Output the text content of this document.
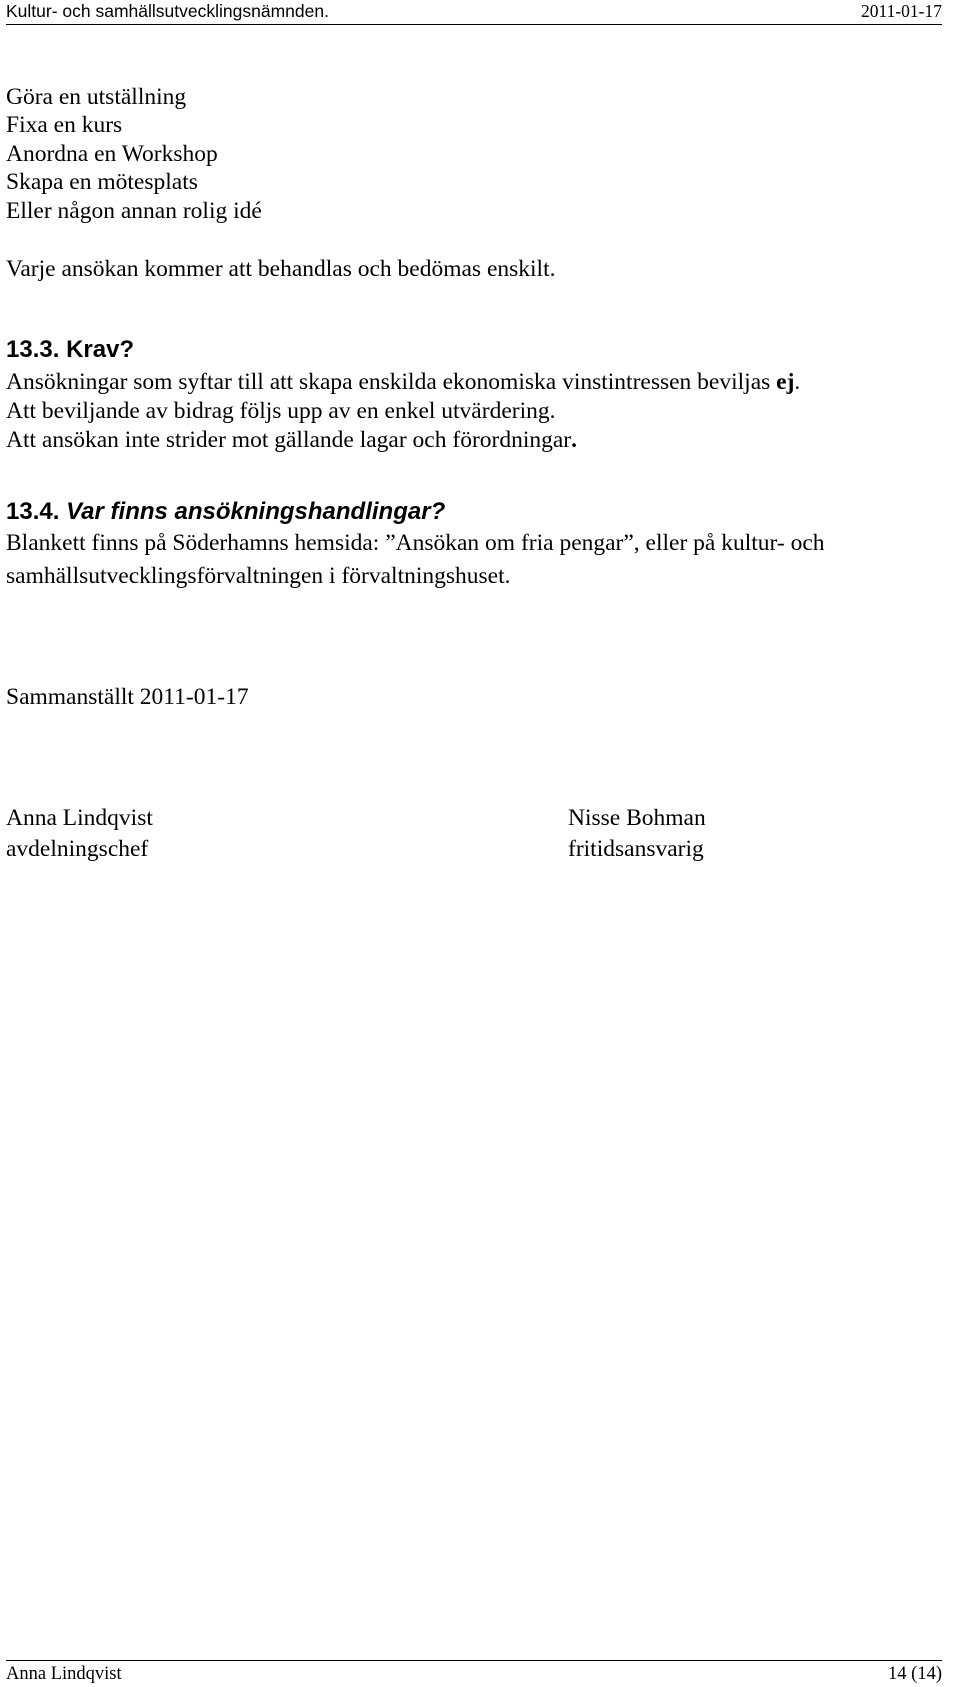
Kultur- och samhällsutvecklingsnämnden.	2011-01-17
Göra en utställning
Fixa en kurs
Anordna en Workshop
Skapa en mötesplats
Eller någon annan rolig idé
Varje ansökan kommer att behandlas och bedömas enskilt.
13.3. Krav?
Ansökningar som syftar till att skapa enskilda ekonomiska vinstintressen beviljas ej.
Att beviljande av bidrag följs upp av en enkel utvärdering.
Att ansökan inte strider mot gällande lagar och förordningar.
13.4. Var finns ansökningshandlingar?
Blankett finns på Söderhamns hemsida: ”Ansökan om fria pengar”, eller på kultur- och
samhällsutvecklingsförvaltningen i förvaltningshuset.
Sammanställt 2011-01-17
Anna Lindqvist
avdelningschef
Nisse Bohman
fritidsansvarig
Anna Lindqvist	14 (14)
